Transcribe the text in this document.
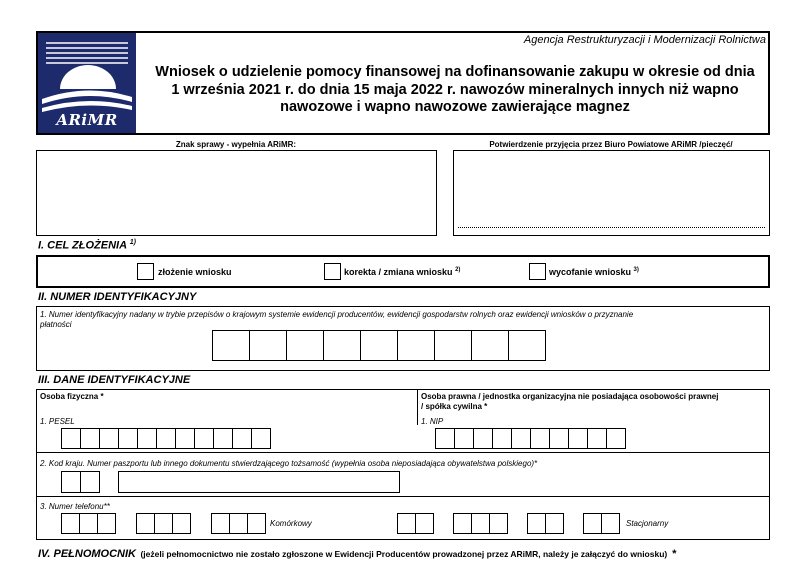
ARiMR
Agencja Restrukturyzacji i Modernizacji Rolnictwa
Wniosek o udzielenie pomocy finansowej na dofinansowanie zakupu w okresie od dnia
1 września 2021 r. do dnia 15 maja 2022 r. nawozów mineralnych innych niż wapno
nawozowe i wapno nawozowe zawierające magnez
Znak sprawy - wypełnia ARiMR:	Potwierdzenie przyjęcia przez Biuro Powiatowe ARiMR /pieczęć/
I. CEL ZŁOŻENIA $^{1)}$
złożenie wniosku	korekta / zmiana wniosku $^{2)}$	wycofanie wniosku $^{3)}$
II. NUMER IDENTYFIKACYJNY
1. Numer identyfikacyjny nadany w trybie przepisów o krajowym systemie ewidencji producentów, ewidencji gospodarstw rolnych oraz ewidencji wniosków o przyznanie
płatności
III. DANE IDENTYFIKACYJNE
Osoba fizyczna *	Osoba prawna / jednostka organizacyjna nie posiadająca osobowości prawnej
/ spółka cywilna *
1. PESEL	1. NIP
2. Kod kraju. Numer paszportu lub innego dokumentu stwierdzającego tożsamość (wypełnia osoba nieposiadająca obywatelstwa polskiego)*
3. Numer telefonu**
Komórkowy	Stacjonarny
IV. PEŁNOMOCNIK (jeżeli pełnomocnictwo nie zostało zgłoszone w Ewidencji Producentów prowadzonej przez ARiMR, należy je załączyć do wniosku) *
